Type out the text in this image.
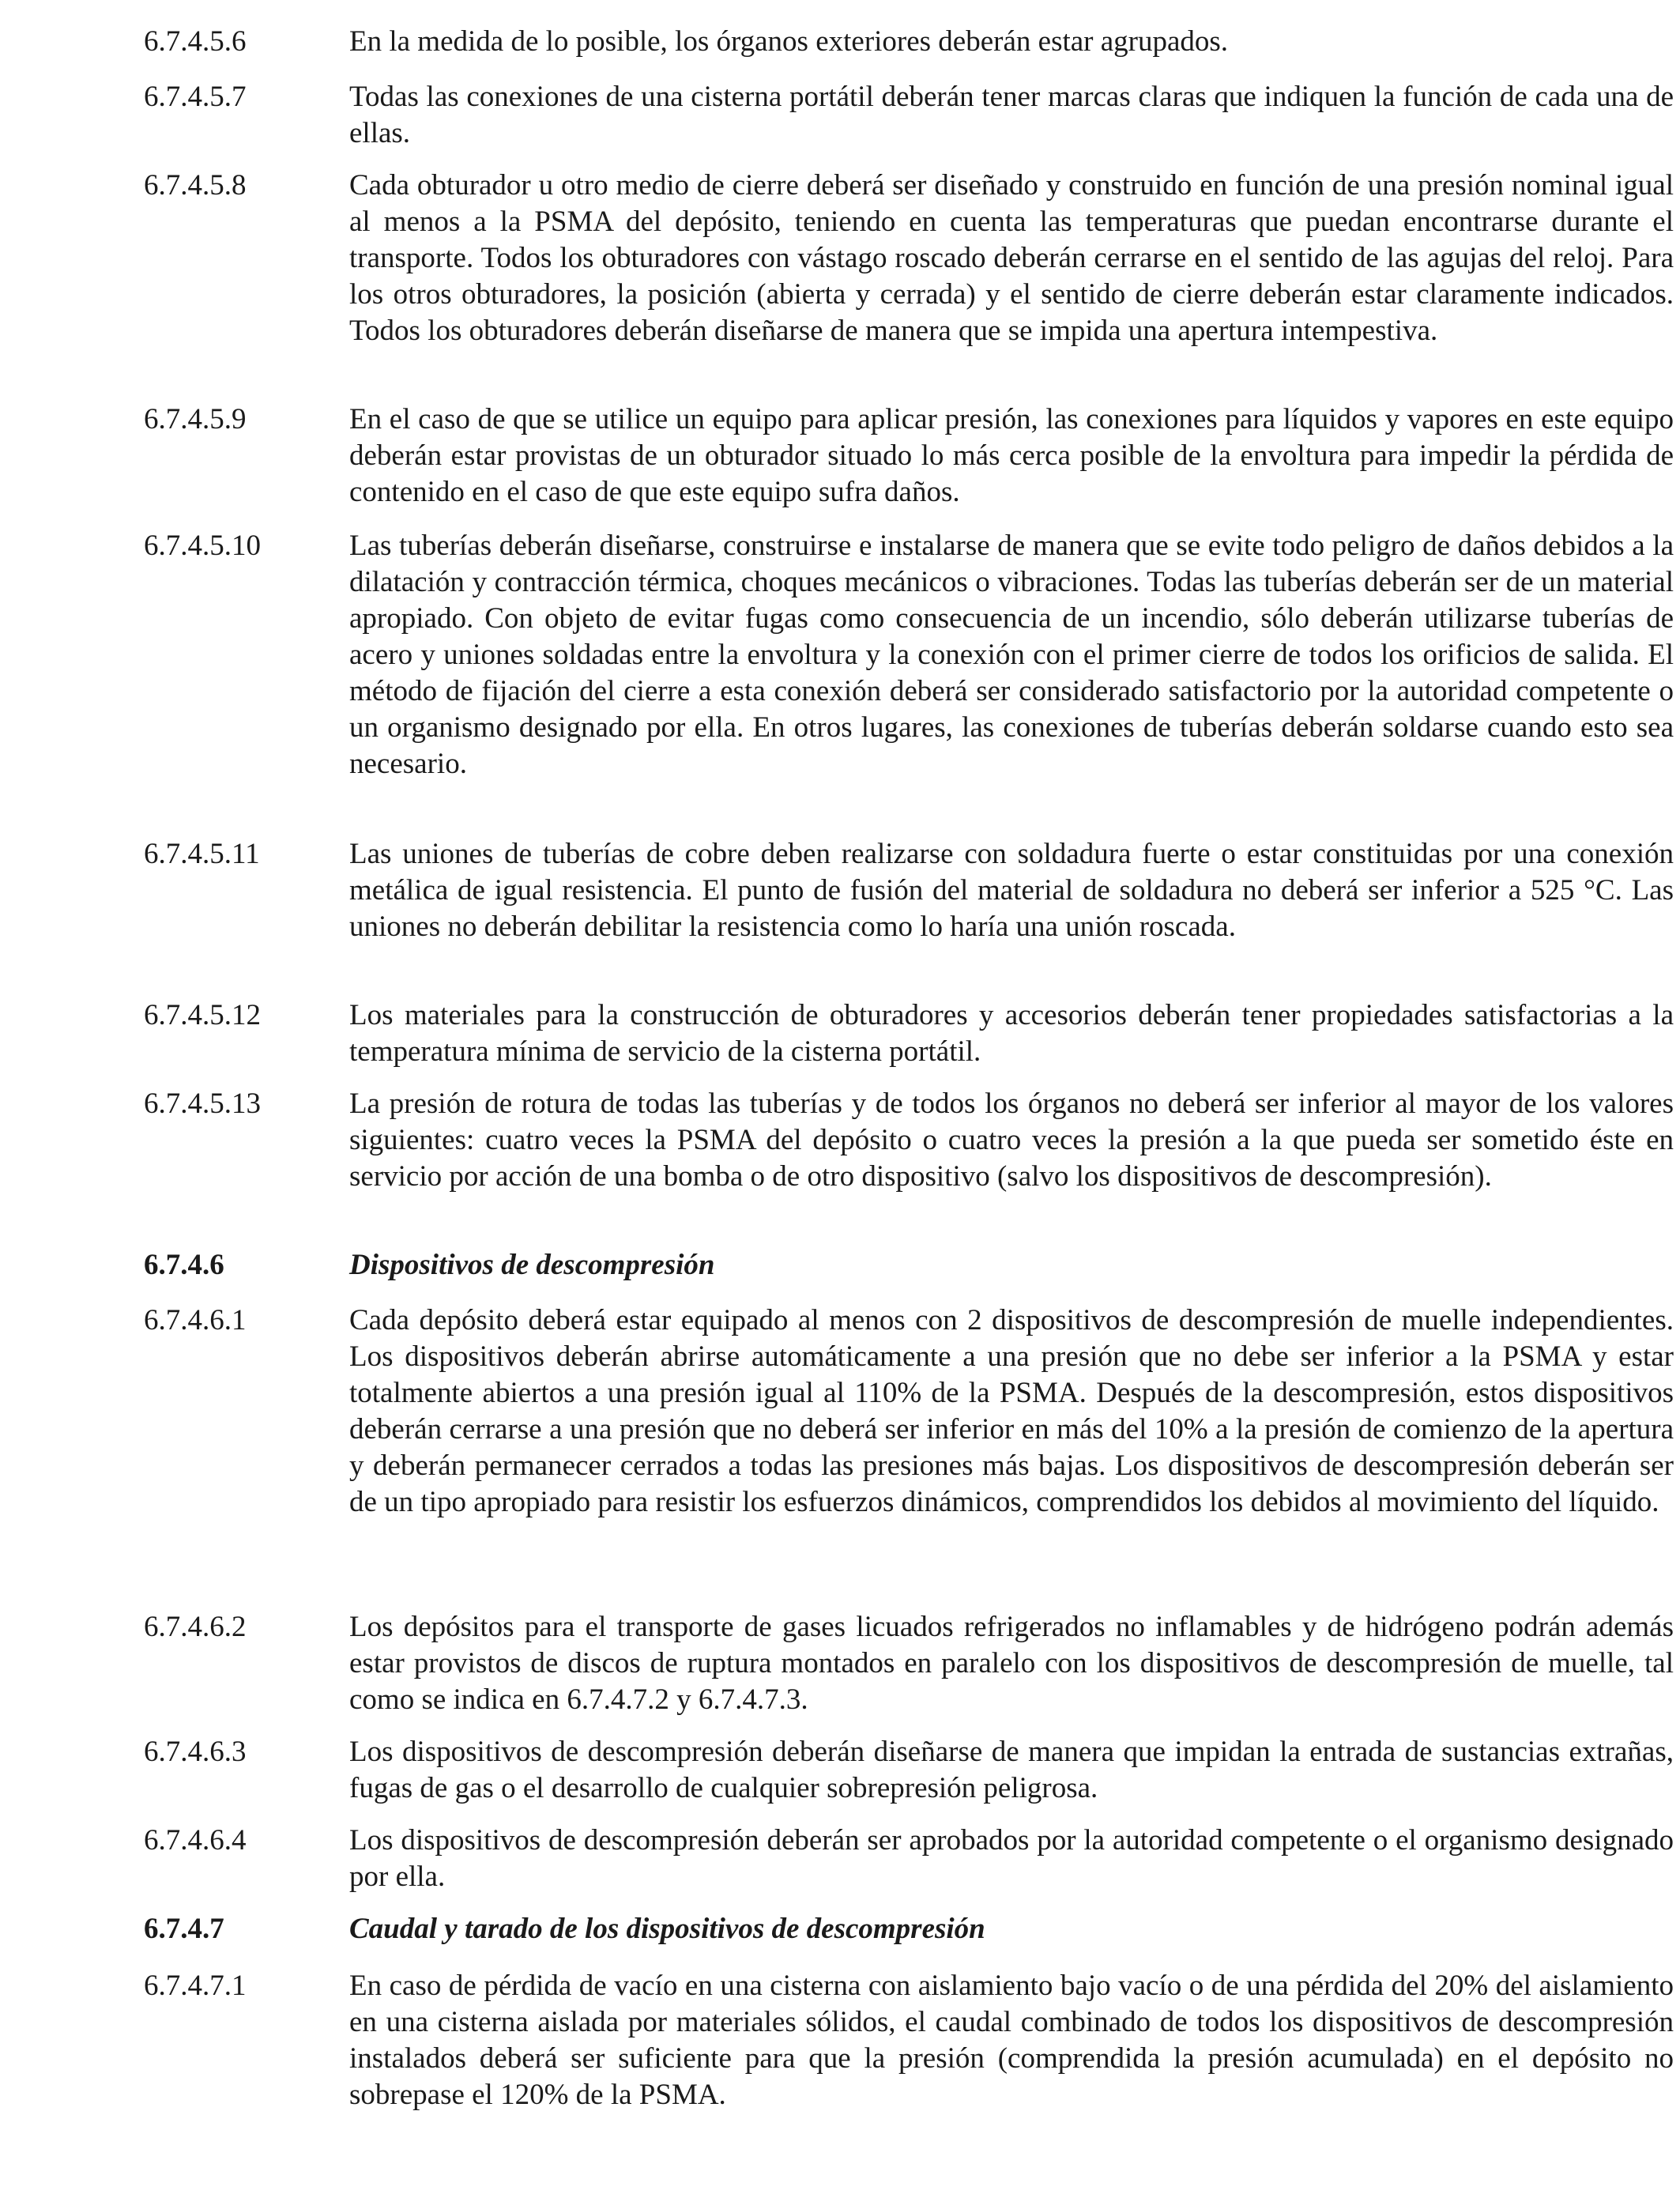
6.7.4.5.6	En la medida de lo posible, los órganos exteriores deberán estar agrupados.
6.7.4.5.7	Todas las conexiones de una cisterna portátil deberán tener marcas claras que indiquen la función de cada una de ellas.
6.7.4.5.8	Cada obturador u otro medio de cierre deberá ser diseñado y construido en función de una presión nominal igual al menos a la PSMA del depósito, teniendo en cuenta las temperaturas que puedan encontrarse durante el transporte. Todos los obturadores con vástago roscado deberán cerrarse en el sentido de las agujas del reloj. Para los otros obturadores, la posición (abierta y cerrada) y el sentido de cierre deberán estar claramente indicados. Todos los obturadores deberán diseñarse de manera que se impida una apertura intempestiva.
6.7.4.5.9	En el caso de que se utilice un equipo para aplicar presión, las conexiones para líquidos y vapores en este equipo deberán estar provistas de un obturador situado lo más cerca posible de la envoltura para impedir la pérdida de contenido en el caso de que este equipo sufra daños.
6.7.4.5.10	Las tuberías deberán diseñarse, construirse e instalarse de manera que se evite todo peligro de daños debidos a la dilatación y contracción térmica, choques mecánicos o vibraciones. Todas las tuberías deberán ser de un material apropiado. Con objeto de evitar fugas como consecuencia de un incendio, sólo deberán utilizarse tuberías de acero y uniones soldadas entre la envoltura y la conexión con el primer cierre de todos los orificios de salida. El método de fijación del cierre a esta conexión deberá ser considerado satisfactorio por la autoridad competente o un organismo designado por ella. En otros lugares, las conexiones de tuberías deberán soldarse cuando esto sea necesario.
6.7.4.5.11	Las uniones de tuberías de cobre deben realizarse con soldadura fuerte o estar constituidas por una conexión metálica de igual resistencia. El punto de fusión del material de soldadura no deberá ser inferior a 525 °C. Las uniones no deberán debilitar la resistencia como lo haría una unión roscada.
6.7.4.5.12	Los materiales para la construcción de obturadores y accesorios deberán tener propiedades satisfactorias a la temperatura mínima de servicio de la cisterna portátil.
6.7.4.5.13	La presión de rotura de todas las tuberías y de todos los órganos no deberá ser inferior al mayor de los valores siguientes: cuatro veces la PSMA del depósito o cuatro veces la presión a la que pueda ser sometido éste en servicio por acción de una bomba o de otro dispositivo (salvo los dispositivos de descompresión).
6.7.4.6	Dispositivos de descompresión
6.7.4.6.1	Cada depósito deberá estar equipado al menos con 2 dispositivos de descompresión de muelle independientes. Los dispositivos deberán abrirse automáticamente a una presión que no debe ser inferior a la PSMA y estar totalmente abiertos a una presión igual al 110% de la PSMA. Después de la descompresión, estos dispositivos deberán cerrarse a una presión que no deberá ser inferior en más del 10% a la presión de comienzo de la apertura y deberán permanecer cerrados a todas las presiones más bajas. Los dispositivos de descompresión deberán ser de un tipo apropiado para resistir los esfuerzos dinámicos, comprendidos los debidos al movimiento del líquido.
6.7.4.6.2	Los depósitos para el transporte de gases licuados refrigerados no inflamables y de hidrógeno podrán además estar provistos de discos de ruptura montados en paralelo con los dispositivos de descompresión de muelle, tal como se indica en 6.7.4.7.2 y 6.7.4.7.3.
6.7.4.6.3	Los dispositivos de descompresión deberán diseñarse de manera que impidan la entrada de sustancias extrañas, fugas de gas o el desarrollo de cualquier sobrepresión peligrosa.
6.7.4.6.4	Los dispositivos de descompresión deberán ser aprobados por la autoridad competente o el organismo designado por ella.
6.7.4.7	Caudal y tarado de los dispositivos de descompresión
6.7.4.7.1	En caso de pérdida de vacío en una cisterna con aislamiento bajo vacío o de una pérdida del 20% del aislamiento en una cisterna aislada por materiales sólidos, el caudal combinado de todos los dispositivos de descompresión instalados deberá ser suficiente para que la presión (comprendida la presión acumulada) en el depósito no sobrepase el 120% de la PSMA.
